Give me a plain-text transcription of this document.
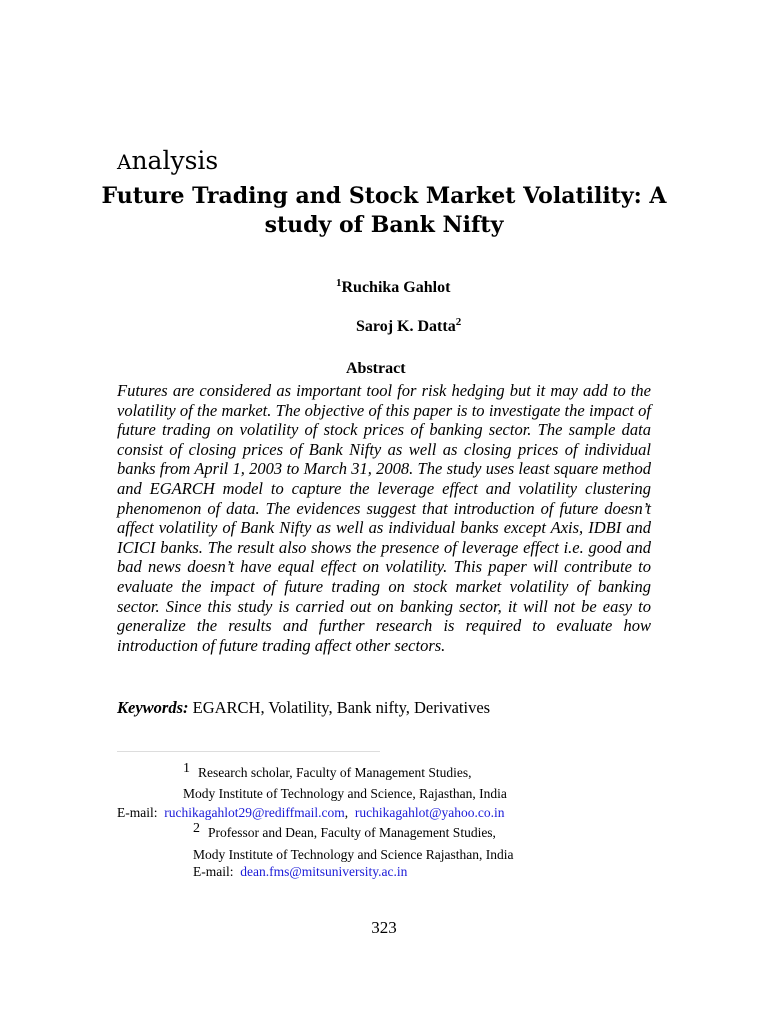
Analysis
Future Trading and Stock Market Volatility: A study of Bank Nifty
$^1$Ruchika Gahlot
Saroj K. Datta$^2$
Abstract

Futures are considered as important tool for risk hedging but it may add to the volatility of the market. The objective of this paper is to investigate the impact of future trading on volatility of stock prices of banking sector. The sample data consist of closing prices of Bank Nifty as well as closing prices of individual banks from April 1, 2003 to March 31, 2008. The study uses least square method and EGARCH model to capture the leverage effect and volatility clustering phenomenon of data. The evidences suggest that introduction of future doesn’t affect volatility of Bank Nifty as well as individual banks except Axis, IDBI and ICICI banks. The result also shows the presence of leverage effect i.e. good and bad news doesn’t have equal effect on volatility. This paper will contribute to evaluate the impact of future trading on stock market volatility of banking sector. Since this study is carried out on banking sector, it will not be easy to generalize the results and further research is required to evaluate how introduction of future trading affect other sectors.

Keywords: EGARCH, Volatility, Bank nifty, Derivatives
1 Research scholar, Faculty of Management Studies,
Mody Institute of Technology and Science, Rajasthan, India
E-mail: ruchikagahlot29@rediffmail.com, ruchikagahlot@yahoo.co.in
2 Professor and Dean, Faculty of Management Studies,
Mody Institute of Technology and Science Rajasthan, India
E-mail: dean.fms@mitsuniversity.ac.in
323
